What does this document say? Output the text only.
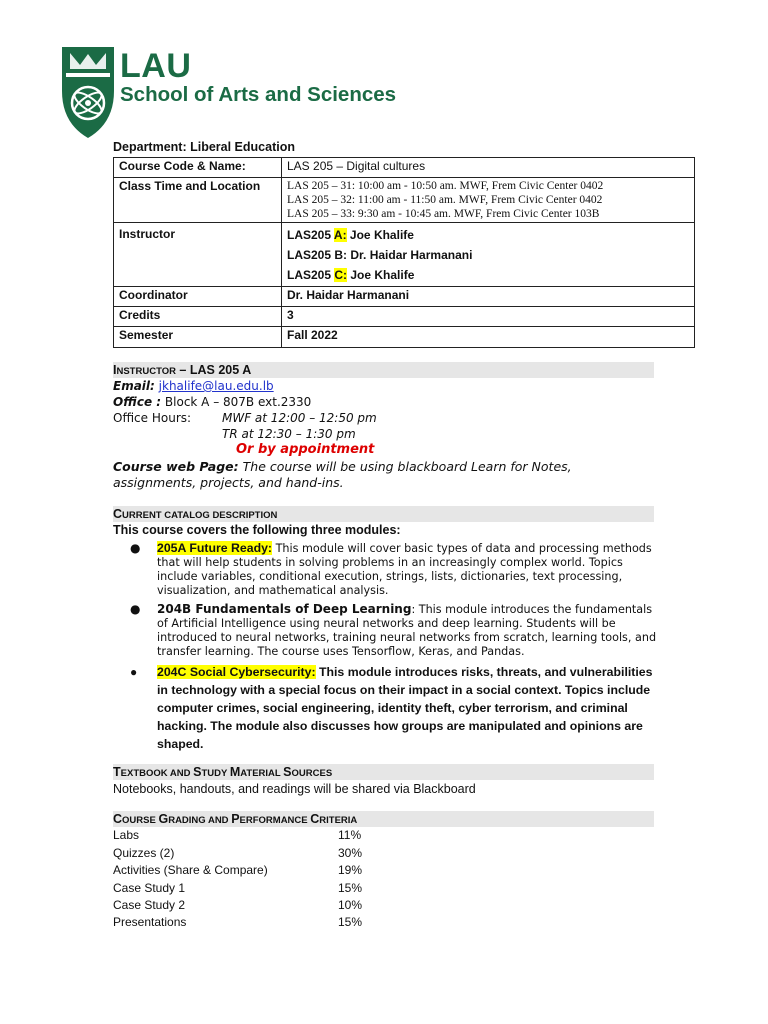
LAU
School of Arts and Sciences
Department: Liberal Education
Course Code & Name:	LAS 205 – Digital cultures
Class Time and Location	LAS 205 – 31: 10:00 am - 10:50 am. MWF, Frem Civic Center 0402
LAS 205 – 32: 11:00 am - 11:50 am. MWF, Frem Civic Center 0402
LAS 205 – 33: 9:30 am - 10:45 am. MWF, Frem Civic Center 103B

Instructor	LAS205 A: Joe Khalife
LAS205 B: Dr. Haidar Harmanani
LAS205 C: Joe Khalife

Coordinator	Dr. Haidar Harmanani
Credits	3
Semester	Fall 2022
INSTRUCTOR – LAS 205 A
Email: jkhalife@lau.edu.lb
Office : Block A – 807B ext.2330
Office Hours:	MWF at 12:00 – 12:50 pm
TR at 12:30 – 1:30 pm
Or by appointment
Course web Page: The course will be using blackboard Learn for Notes,
assignments, projects, and hand-ins.
CURRENT CATALOG DESCRIPTION
This course covers the following three modules:
● 205A Future Ready: This module will cover basic types of data and processing methods that will help students in solving problems in an increasingly complex world. Topics include variables, conditional execution, strings, lists, dictionaries, text processing, visualization, and mathematical analysis.
● 204B Fundamentals of Deep Learning: This module introduces the fundamentals of Artificial Intelligence using neural networks and deep learning. Students will be introduced to neural networks, training neural networks from scratch, learning tools, and transfer learning. The course uses Tensorflow, Keras, and Pandas.
● 204C Social Cybersecurity: This module introduces risks, threats, and vulnerabilities in technology with a special focus on their impact in a social context. Topics include computer crimes, social engineering, identity theft, cyber terrorism, and criminal hacking. The module also discusses how groups are manipulated and opinions are shaped.
TEXTBOOK AND STUDY MATERIAL SOURCES
Notebooks, handouts, and readings will be shared via Blackboard
COURSE GRADING AND PERFORMANCE CRITERIA
Labs	11%
Quizzes (2)	30%
Activities (Share & Compare)	19%
Case Study 1	15%
Case Study 2	10%
Presentations	15%
